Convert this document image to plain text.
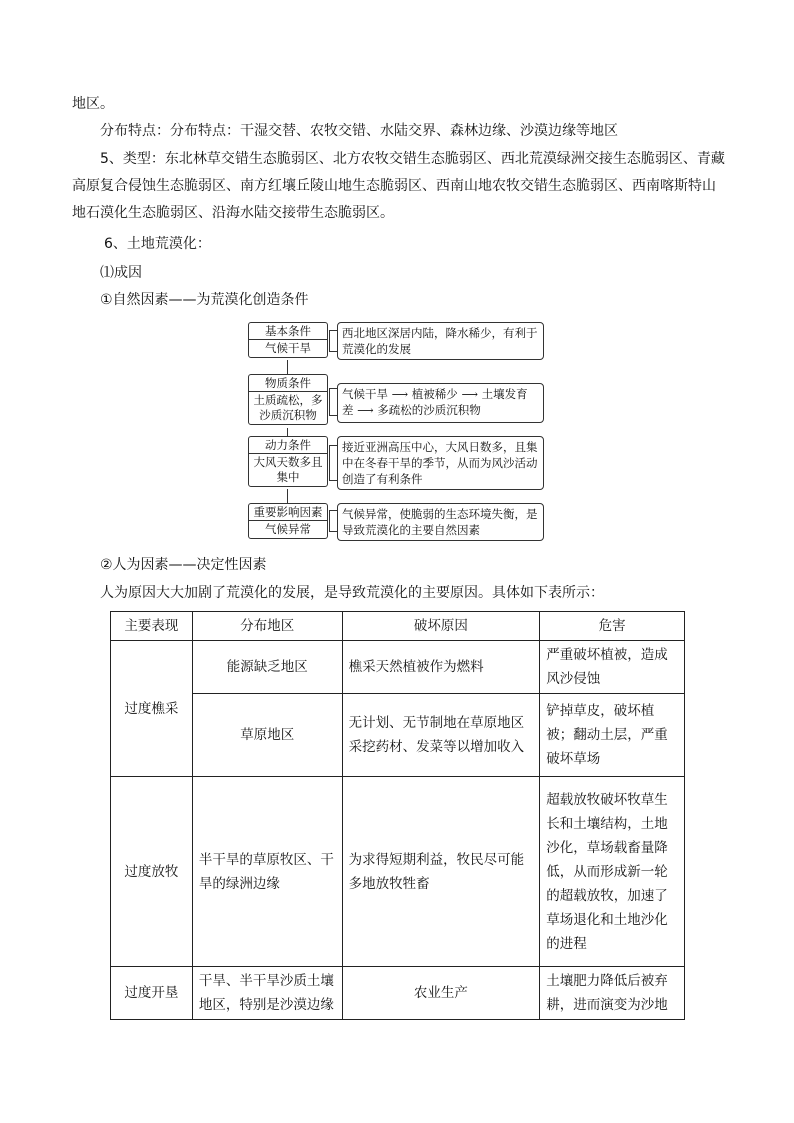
地区。
分布特点：分布特点：干湿交替、农牧交错、水陆交界、森林边缘、沙漠边缘等地区
5、类型：东北林草交错生态脆弱区、北方农牧交错生态脆弱区、西北荒漠绿洲交接生态脆弱区、青藏
高原复合侵蚀生态脆弱区、南方红壤丘陵山地生态脆弱区、西南山地农牧交错生态脆弱区、西南喀斯特山
地石漠化生态脆弱区、沿海水陆交接带生态脆弱区。
6、土地荒漠化：
⑴成因
①自然因素——为荒漠化创造条件
基本条件
气候干旱
西北地区深居内陆，降水稀少，有利于荒漠化的发展
物质条件
土质疏松，多沙质沉积物
气候干旱 ⟶ 植被稀少 ⟶ 土壤发育差 ⟶ 多疏松的沙质沉积物
动力条件
大风天数多且集中
接近亚洲高压中心，大风日数多，且集中在冬春干旱的季节，从而为风沙活动创造了有利条件
重要影响因素
气候异常
气候异常，使脆弱的生态环境失衡，是导致荒漠化的主要自然因素
②人为因素——决定性因素
人为原因大大加剧了荒漠化的发展，是导致荒漠化的主要原因。具体如下表所示：
主要表现	分布地区	破坏原因	危害
过度樵采	能源缺乏地区	樵采天然植被作为燃料	严重破坏植被，造成风沙侵蚀
	草原地区	无计划、无节制地在草原地区采挖药材、发菜等以增加收入	铲掉草皮，破坏植被；翻动土层，严重破坏草场
过度放牧	半干旱的草原牧区、干旱的绿洲边缘	为求得短期利益，牧民尽可能多地放牧牲畜	超载放牧破坏牧草生长和土壤结构，土地沙化，草场载畜量降低，从而形成新一轮的超载放牧，加速了草场退化和土地沙化的进程
过度开垦	干旱、半干旱沙质土壤地区，特别是沙漠边缘	农业生产	土壤肥力降低后被弃耕，进而演变为沙地
